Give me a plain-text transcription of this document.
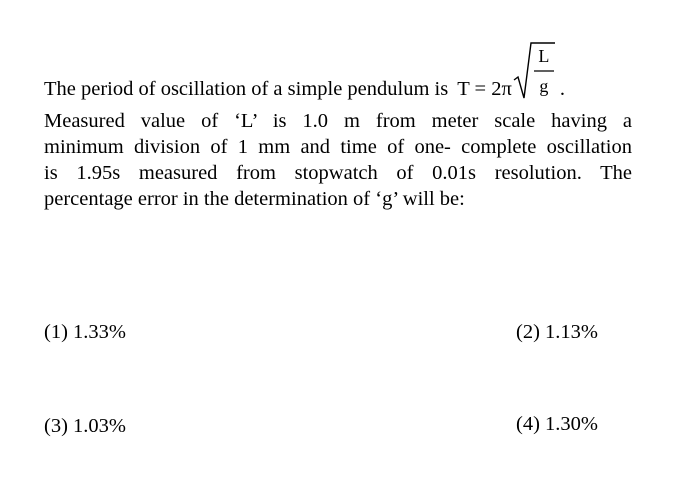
The period of oscillation of a simple pendulum is T = 2π
L
g .
Measured value of ‘L’ is 1.0 m from meter scale having a
minimum division of 1 mm and time of one- complete oscillation
is 1.95s measured from stopwatch of 0.01s resolution. The
percentage error in the determination of ‘g’ will be:
(1) 1.33%	(2) 1.13%
(3) 1.03%	(4) 1.30%
